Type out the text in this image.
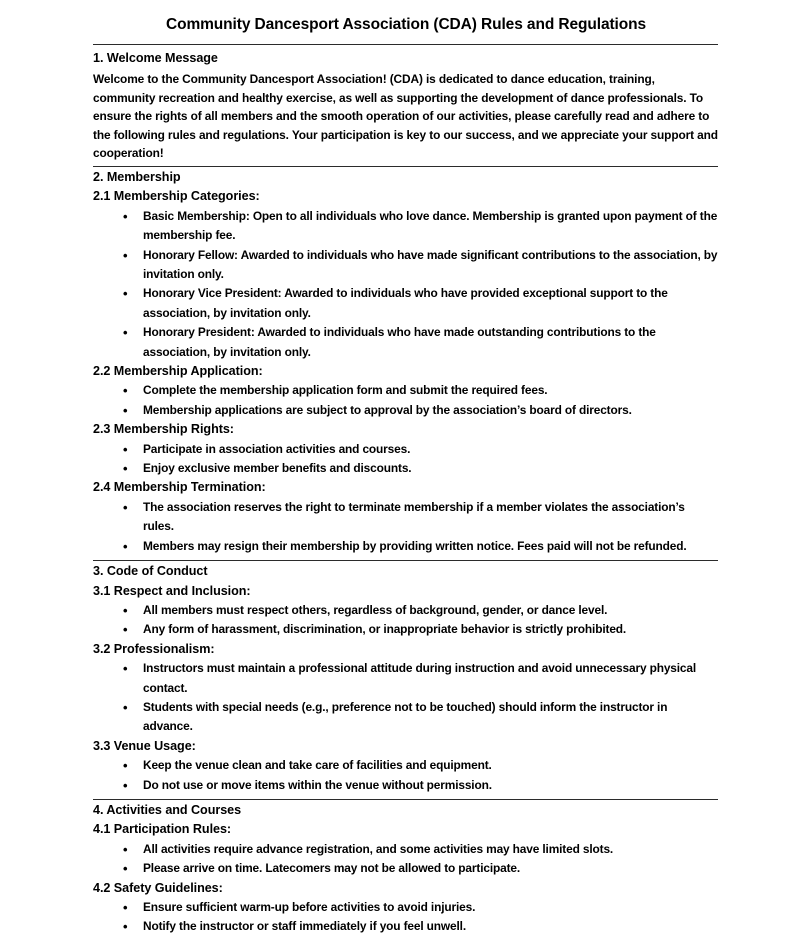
Community Dancesport Association (CDA) Rules and Regulations
1. Welcome Message

Welcome to the Community Dancesport Association! (CDA) is dedicated to dance education, training, community recreation and healthy exercise, as well as supporting the development of dance professionals. To ensure the rights of all members and the smooth operation of our activities, please carefully read and adhere to the following rules and regulations. Your participation is key to our success, and we appreciate your support and cooperation!

2. Membership
2.1 Membership Categories:
• Basic Membership: Open to all individuals who love dance. Membership is granted upon payment of the membership fee.
• Honorary Fellow: Awarded to individuals who have made significant contributions to the association, by invitation only.
• Honorary Vice President: Awarded to individuals who have provided exceptional support to the association, by invitation only.
• Honorary President: Awarded to individuals who have made outstanding contributions to the association, by invitation only.
2.2 Membership Application:
• Complete the membership application form and submit the required fees.
• Membership applications are subject to approval by the association’s board of directors.
2.3 Membership Rights:
• Participate in association activities and courses.
• Enjoy exclusive member benefits and discounts.
2.4 Membership Termination:
• The association reserves the right to terminate membership if a member violates the association’s rules.
• Members may resign their membership by providing written notice. Fees paid will not be refunded.
3. Code of Conduct
3.1 Respect and Inclusion:
• All members must respect others, regardless of background, gender, or dance level.
• Any form of harassment, discrimination, or inappropriate behavior is strictly prohibited.
3.2 Professionalism:
• Instructors must maintain a professional attitude during instruction and avoid unnecessary physical contact.
• Students with special needs (e.g., preference not to be touched) should inform the instructor in advance.
3.3 Venue Usage:
• Keep the venue clean and take care of facilities and equipment.
• Do not use or move items within the venue without permission.
4. Activities and Courses
4.1 Participation Rules:
• All activities require advance registration, and some activities may have limited slots.
• Please arrive on time. Latecomers may not be allowed to participate.
4.2 Safety Guidelines:
• Ensure sufficient warm-up before activities to avoid injuries.
• Notify the instructor or staff immediately if you feel unwell.
